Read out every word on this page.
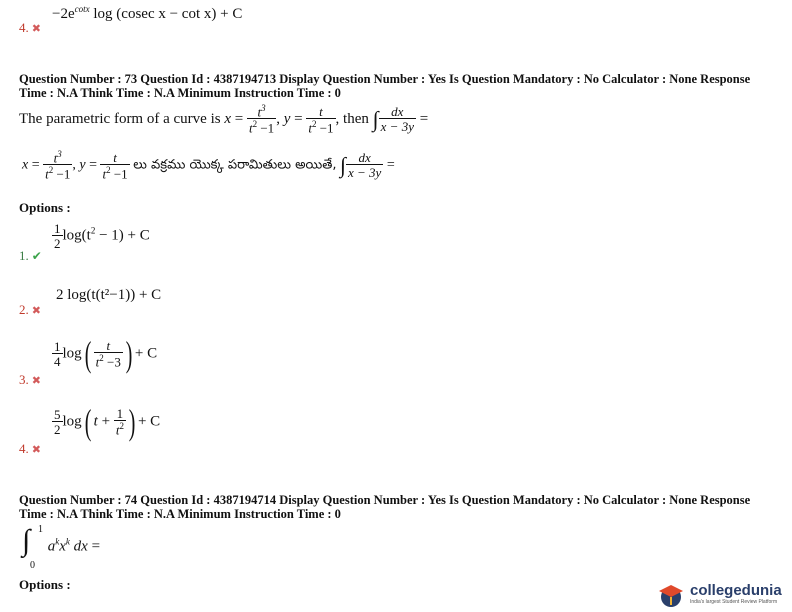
$-2e^{cotx}$ log (cosec x − cot x) + C
4. ✖
Question Number : 73 Question Id : 4387194713 Display Question Number : Yes Is Question Mandatory : No Calculator : None Response Time : N.A Think Time : N.A Minimum Instruction Time : 0
The parametric form of a curve is $x = \frac{t^3}{t^2 -1}$ , $y = \frac{t}{t^2 -1}$ , then ∫ $\frac{dx}{x - 3y}$ =
$x = \frac{t^3}{t^2 -1}$ , $y = \frac{t}{t^2 -1}$ లు వక్రము యొక్క పరామితులు అయితే, ∫ $\frac{dx}{x - 3y}$ =
Options :
$\frac{1}{2} \log(t^2 - 1) + C$
1. ✔
2 log(t(t²−1)) + C
2. ✖
$\frac{1}{4} \log( \frac{t}{t^2 -3}$ ) + C
3. ✖
$\frac{5}{2} \log$( $t + \frac{1}{t^2}$ ) + C
4. ✖
Question Number : 74 Question Id : 4387194714 Display Question Number : Yes Is Question Mandatory : No Calculator : None Response Time : N.A Think Time : N.A Minimum Instruction Time : 0
∫ 1
0
$a^kx^k$ dx =
Options :	collegedunia
India's largest Student Review Platform
